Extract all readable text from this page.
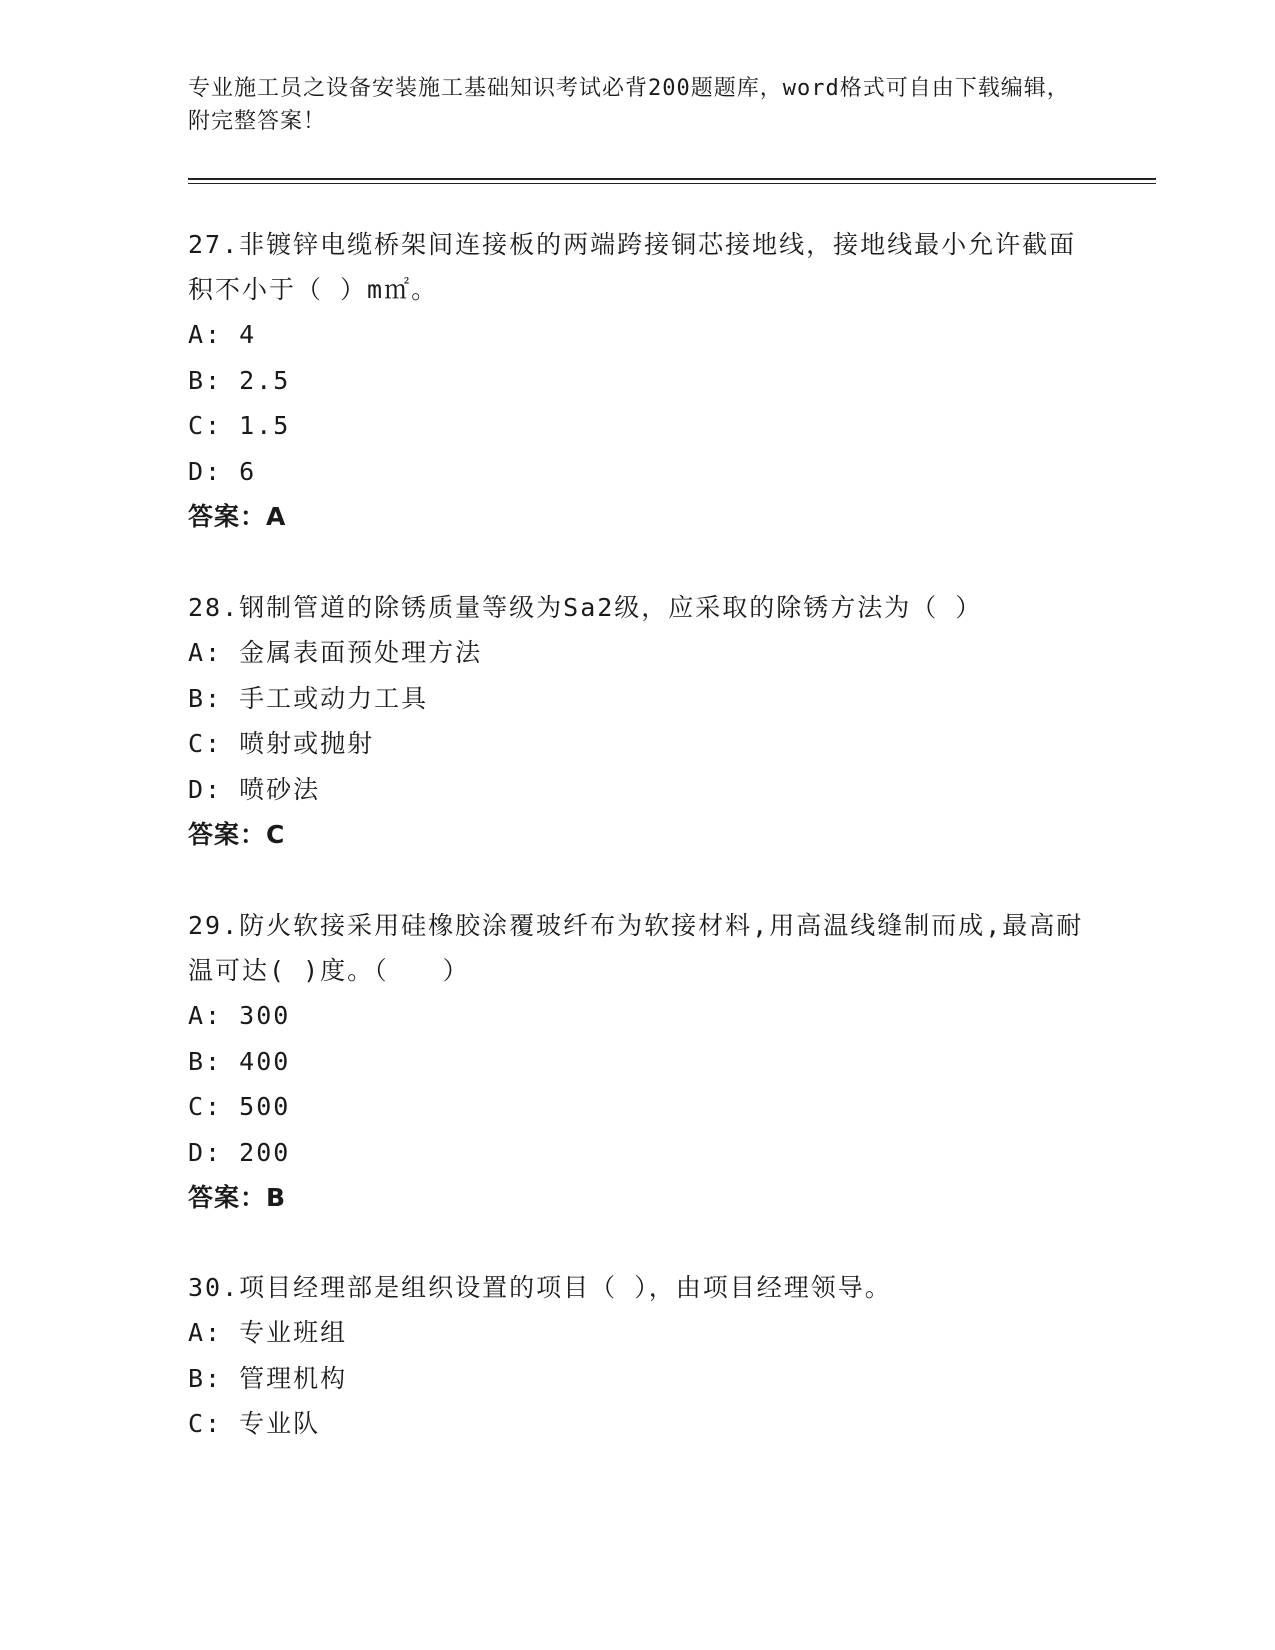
专业施工员之设备安装施工基础知识考试必背200题题库，word格式可自由下载编辑，附完整答案！

27.非镀锌电缆桥架间连接板的两端跨接铜芯接地线，接地线最小允许截面积不小于（ ）m㎡。

A: 4

B: 2.5

C: 1.5

D: 6

答案：A

28.钢制管道的除锈质量等级为Sa2级，应采取的除锈方法为（ ）

A: 金属表面预处理方法

B: 手工或动力工具

C: 喷射或抛射

D: 喷砂法

答案：C

29.防火软接采用硅橡胶涂覆玻纤布为软接材料,用高温线缝制而成,最高耐温可达( )度。（　　）

A: 300

B: 400

C: 500

D: 200

答案：B

30.项目经理部是组织设置的项目（ ），由项目经理领导。

A: 专业班组

B: 管理机构

C: 专业队
